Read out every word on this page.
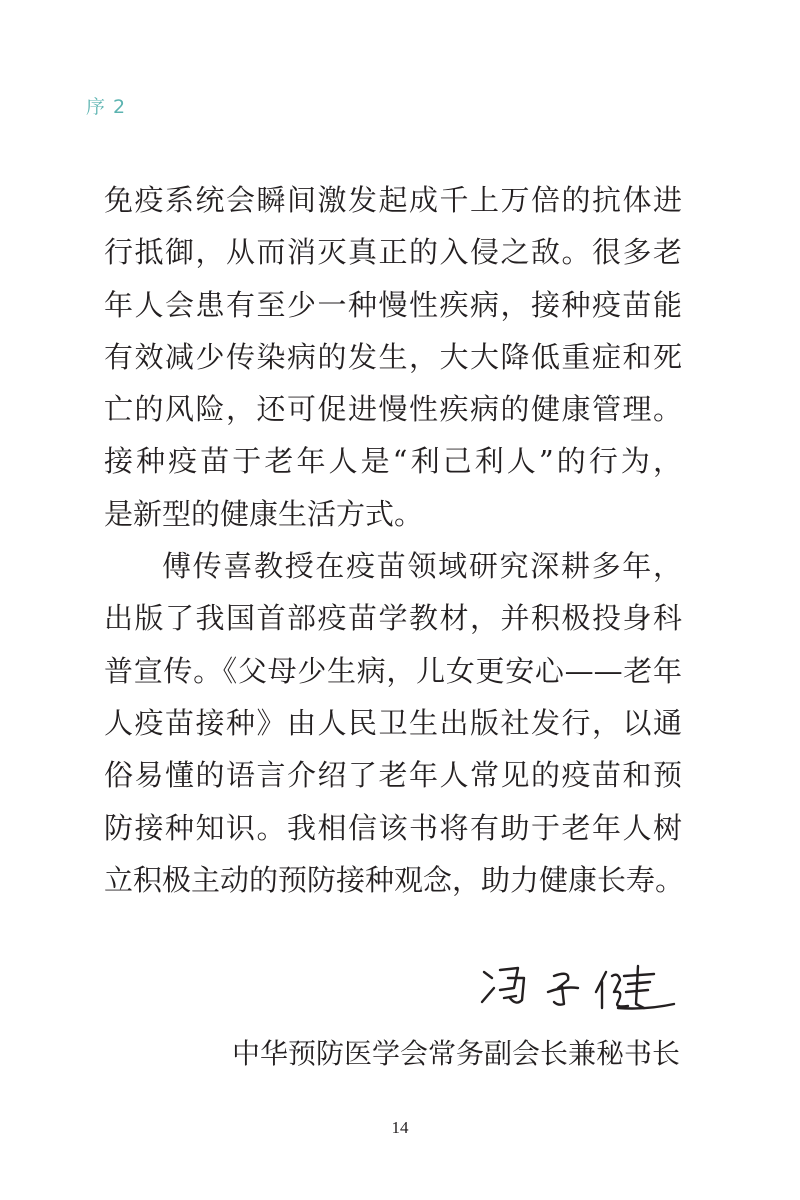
序 2
免疫系统会瞬间激发起成千上万倍的抗体进
行抵御，从而消灭真正的入侵之敌。很多老
年人会患有至少一种慢性疾病，接种疫苗能
有效减少传染病的发生，大大降低重症和死
亡的风险，还可促进慢性疾病的健康管理。
接种疫苗于老年人是“利己利人”的行为，
是新型的健康生活方式。
傅传喜教授在疫苗领域研究深耕多年，
出版了我国首部疫苗学教材，并积极投身科
普宣传。《父母少生病，儿女更安心——老年
人疫苗接种》由人民卫生出版社发行，以通
俗易懂的语言介绍了老年人常见的疫苗和预
防接种知识。我相信该书将有助于老年人树
立积极主动的预防接种观念，助力健康长寿。
中华预防医学会常务副会长兼秘书长
14
